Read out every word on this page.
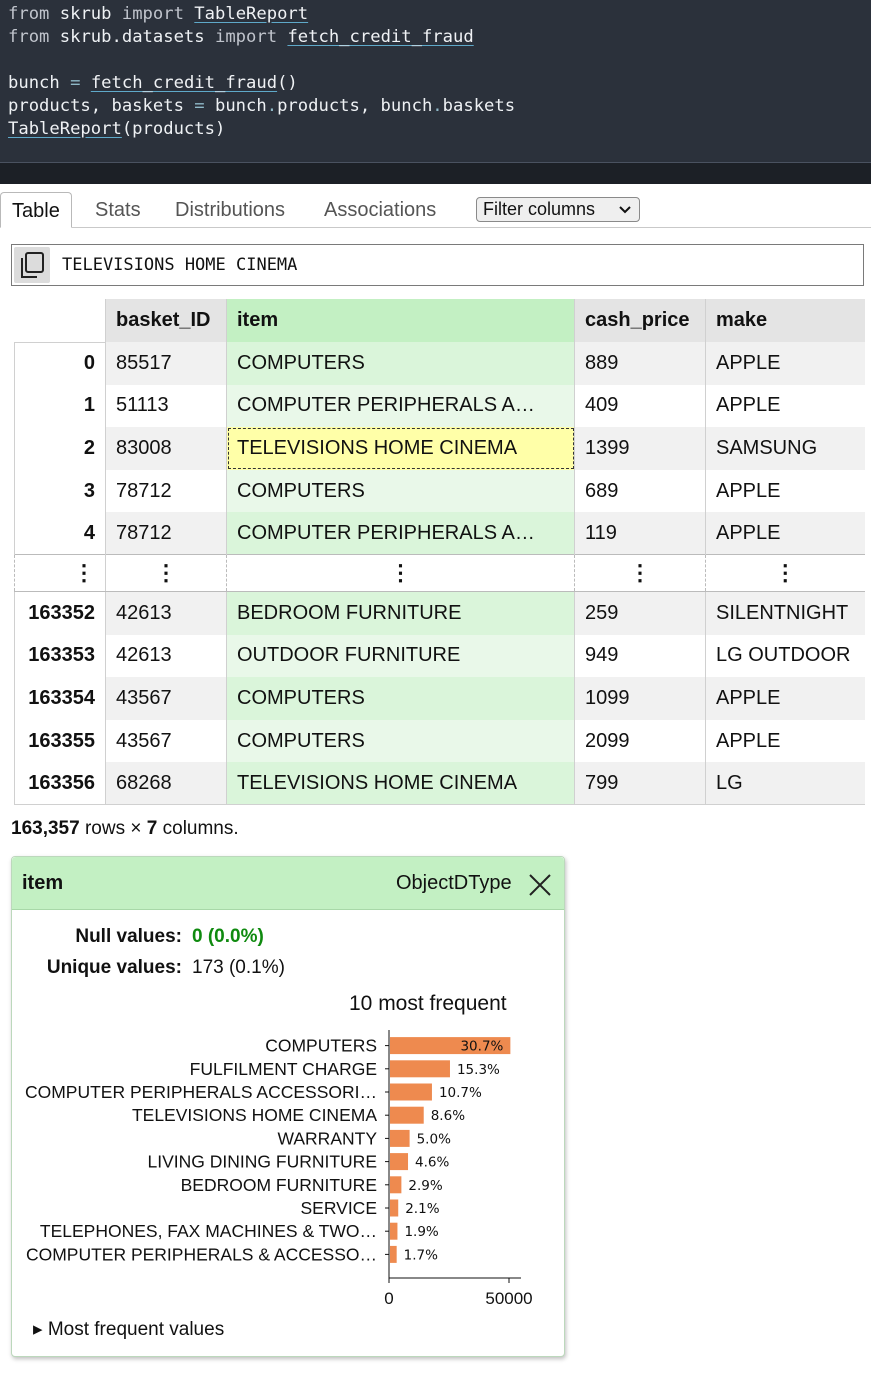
from skrub import TableReport
from skrub.datasets import fetch_credit_fraud
bunch = fetch_credit_fraud()
products, baskets = bunch.products, bunch.baskets
TableReport(products)
Table	Stats Distributions Associations	Filter columns
TELEVISIONS HOME CINEMA
	basket_ID	item	cash_price	make
0	85517	COMPUTERS	889	APPLE
1	51113	COMPUTER PERIPHERALS A…	409	APPLE
2	83008	TELEVISIONS HOME CINEMA	1399	SAMSUNG
3	78712	COMPUTERS	689	APPLE
4	78712	COMPUTER PERIPHERALS A…	119	APPLE
⋮	⋮	⋮	⋮	⋮
163352	42613	BEDROOM FURNITURE	259	SILENTNIGHT
163353	42613	OUTDOOR FURNITURE	949	LG OUTDOOR
163354	43567	COMPUTERS	1099	APPLE
163355	43567	COMPUTERS	2099	APPLE
163356	68268	TELEVISIONS HOME CINEMA	799	LG
163,357 rows × 7 columns.
item	ObjectDType
Null values: 0 (0.0%)
Unique values: 173 (0.1%)
10 most frequent
COMPUTERS	30.7%
FULFILMENT CHARGE	15.3%
COMPUTER PERIPHERALS ACCESSORI…	10.7%
TELEVISIONS HOME CINEMA	8.6%
WARRANTY	5.0%
LIVING DINING FURNITURE	4.6%
BEDROOM FURNITURE 2.9%
SERVICE 2.1%
TELEPHONES, FAX MACHINES & TWO… 1.9%
COMPUTER PERIPHERALS & ACCESSO… 1.7%
0	50000
▸ Most frequent values
